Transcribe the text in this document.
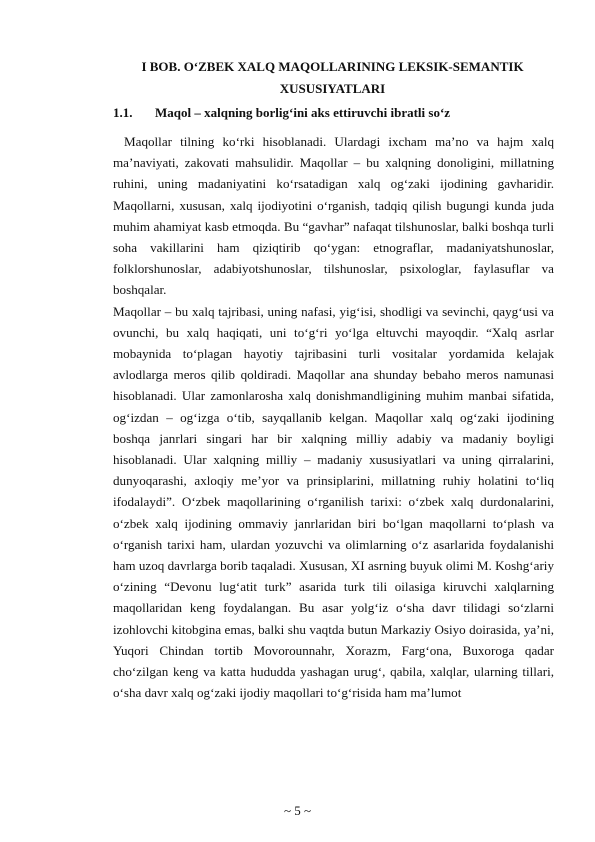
I BOB. O‘ZBEK XALQ MAQOLLARINING LEKSIK-SEMANTIK XUSUSIYATLARI
1.1. Maqol – xalqning borlig‘ini aks ettiruvchi ibratli so‘z

Maqollar tilning ko‘rki hisoblanadi. Ulardagi ixcham ma’no va hajm xalq ma’naviyati, zakovati mahsulidir. Maqollar – bu xalqning donoligini, millatning ruhini, uning madaniyatini ko‘rsatadigan xalq og‘zaki ijodining gavharidir. Maqollarni, xususan, xalq ijodiyotini o‘rganish, tadqiq qilish bugungi kunda juda muhim ahamiyat kasb etmoqda. Bu “gavhar” nafaqat tilshunoslar, balki boshqa turli soha vakillarini ham qiziqtirib qo‘ygan: etnograflar, madaniyatshunoslar, folklorshunoslar, adabiyotshunoslar, tilshunoslar, psixologlar, faylasuflar va boshqalar.

Maqollar – bu xalq tajribasi, uning nafasi, yig‘isi, shodligi va sevinchi, qayg‘usi va ovunchi, bu xalq haqiqati, uni to‘g‘ri yo‘lga eltuvchi mayoqdir. “Xalq asrlar mobaynida to‘plagan hayotiy tajribasini turli vositalar yordamida kelajak avlodlarga meros qilib qoldiradi. Maqollar ana shunday bebaho meros namunasi hisoblanadi. Ular zamonlarosha xalq donishmandligining muhim manbai sifatida, og‘izdan – og‘izga o‘tib, sayqallanib kelgan. Maqollar xalq og‘zaki ijodining boshqa janrlari singari har bir xalqning milliy adabiy va madaniy boyligi hisoblanadi. Ular xalqning milliy – madaniy xususiyatlari va uning qirralarini, dunyoqarashi, axloqiy me’yor va prinsiplarini, millatning ruhiy holatini to‘liq ifodalaydi”. O‘zbek maqollarining o‘rganilish tarixi: o‘zbek xalq durdonalarini, o‘zbek xalq ijodining ommaviy janrlaridan biri bo‘lgan maqollarni to‘plash va o‘rganish tarixi ham, ulardan yozuvchi va olimlarning o‘z asarlarida foydalanishi ham uzoq davrlarga borib taqaladi. Xususan, XI asrning buyuk olimi M. Koshg‘ariy o‘zining “Devonu lug‘atit turk” asarida turk tili oilasiga kiruvchi xalqlarning maqollaridan keng foydalangan. Bu asar yolg‘iz o‘sha davr tilidagi so‘zlarni izohlovchi kitobgina emas, balki shu vaqtda butun Markaziy Osiyo doirasida, ya’ni, Yuqori Chindan tortib Movorounnahr, Xorazm, Farg‘ona, Buxoroga qadar cho‘zilgan keng va katta hududda yashagan urug‘, qabila, xalqlar, ularning tillari, o‘sha davr xalq og‘zaki ijodiy maqollari to‘g‘risida ham ma’lumot

~ 5 ~
